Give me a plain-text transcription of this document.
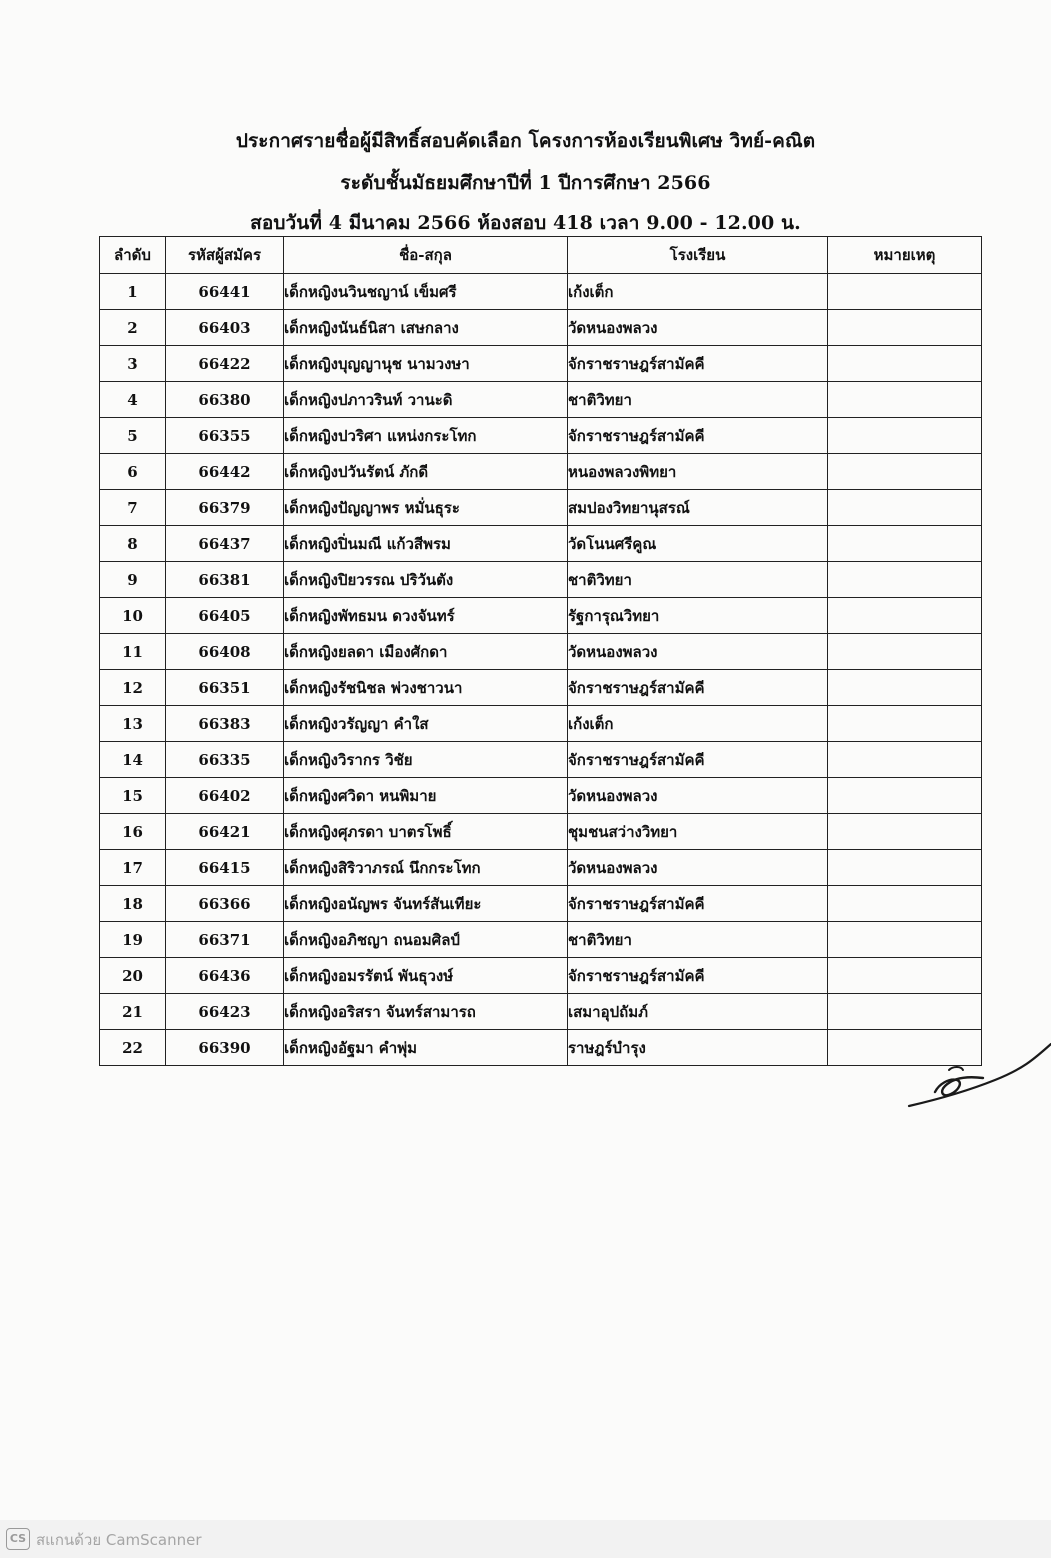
ประกาศรายชื่อผู้มีสิทธิ์สอบคัดเลือก โครงการห้องเรียนพิเศษ วิทย์-คณิต
ระดับชั้นมัธยมศึกษาปีที่ 1 ปีการศึกษา 2566
สอบวันที่ 4 มีนาคม 2566 ห้องสอบ 418 เวลา 9.00 - 12.00 น.
ลำดับ	รหัสผู้สมัคร	ชื่อ-สกุล	โรงเรียน	หมายเหตุ
1	66441	เด็กหญิงนวินชญาน์ เข็มศรี	เก้งเต็ก	
2	66403	เด็กหญิงนันธ์นิสา เสษกลาง	วัดหนองพลวง	
3	66422	เด็กหญิงบุญญานุช นามวงษา	จักราชราษฎร์สามัคคี	
4	66380	เด็กหญิงปภาวรินท์ วานะดิ	ชาติวิทยา	
5	66355	เด็กหญิงปวริศา แหน่งกระโทก	จักราชราษฎร์สามัคคี	
6	66442	เด็กหญิงปวันรัตน์ ภักดี	หนองพลวงพิทยา	
7	66379	เด็กหญิงปัญญาพร หมั่นธุระ	สมปองวิทยานุสรณ์	
8	66437	เด็กหญิงปิ่นมณี แก้วสีพรม	วัดโนนศรีคูณ	
9	66381	เด็กหญิงปิยวรรณ ปริวันตัง	ชาติวิทยา	
10	66405	เด็กหญิงพัทธมน ดวงจันทร์	รัฐการุณวิทยา	
11	66408	เด็กหญิงยลดา เมืองศักดา	วัดหนองพลวง	
12	66351	เด็กหญิงรัชนิชล พ่วงชาวนา	จักราชราษฎร์สามัคคี	
13	66383	เด็กหญิงวรัญญา คำใส	เก้งเต็ก	
14	66335	เด็กหญิงวิรากร วิชัย	จักราชราษฎร์สามัคคี	
15	66402	เด็กหญิงศวิดา หนพิมาย	วัดหนองพลวง	
16	66421	เด็กหญิงศุภรดา บาตรโพธิ์	ชุมชนสว่างวิทยา	
17	66415	เด็กหญิงสิริวาภรณ์ นึกกระโทก	วัดหนองพลวง	
18	66366	เด็กหญิงอนัญพร จันทร์สันเทียะ	จักราชราษฎร์สามัคคี	
19	66371	เด็กหญิงอภิชญา ถนอมศิลป์	ชาติวิทยา	
20	66436	เด็กหญิงอมรรัตน์ พันธุวงษ์	จักราชราษฎร์สามัคคี	
21	66423	เด็กหญิงอริสรา จันทร์สามารถ	เสมาอุปถัมภ์	
22	66390	เด็กหญิงอัฐมา คำพุ่ม	ราษฎร์บำรุง	
CS สแกนด้วย CamScanner
